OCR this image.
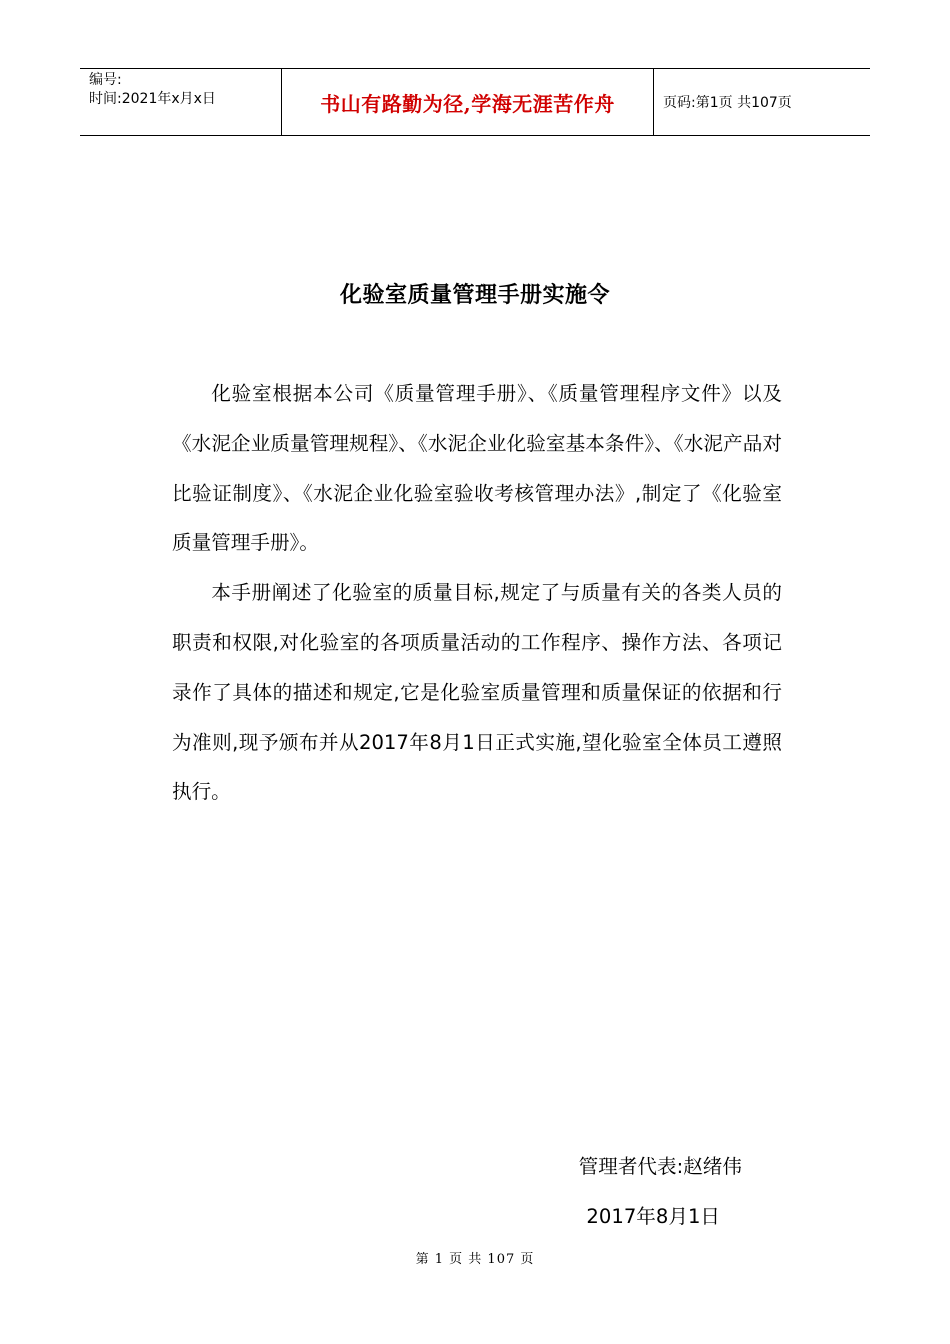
编号:
时间:2021年x月x日	书山有路勤为径,学海无涯苦作舟	页码:第1页 共107页
化验室质量管理手册实施令

化验室根据本公司《质量管理手册》、《质量管理程序文件》以及《水泥企业质量管理规程》、《水泥企业化验室基本条件》、《水泥产品对比验证制度》、《水泥企业化验室验收考核管理办法》,制定了《化验室质量管理手册》。

本手册阐述了化验室的质量目标,规定了与质量有关的各类人员的职责和权限,对化验室的各项质量活动的工作程序、操作方法、各项记录作了具体的描述和规定,它是化验室质量管理和质量保证的依据和行为准则,现予颁布并从2017年8月1日正式实施,望化验室全体员工遵照执行。

管理者代表:赵绪伟
2017年8月1日
第 1 页 共 107 页
